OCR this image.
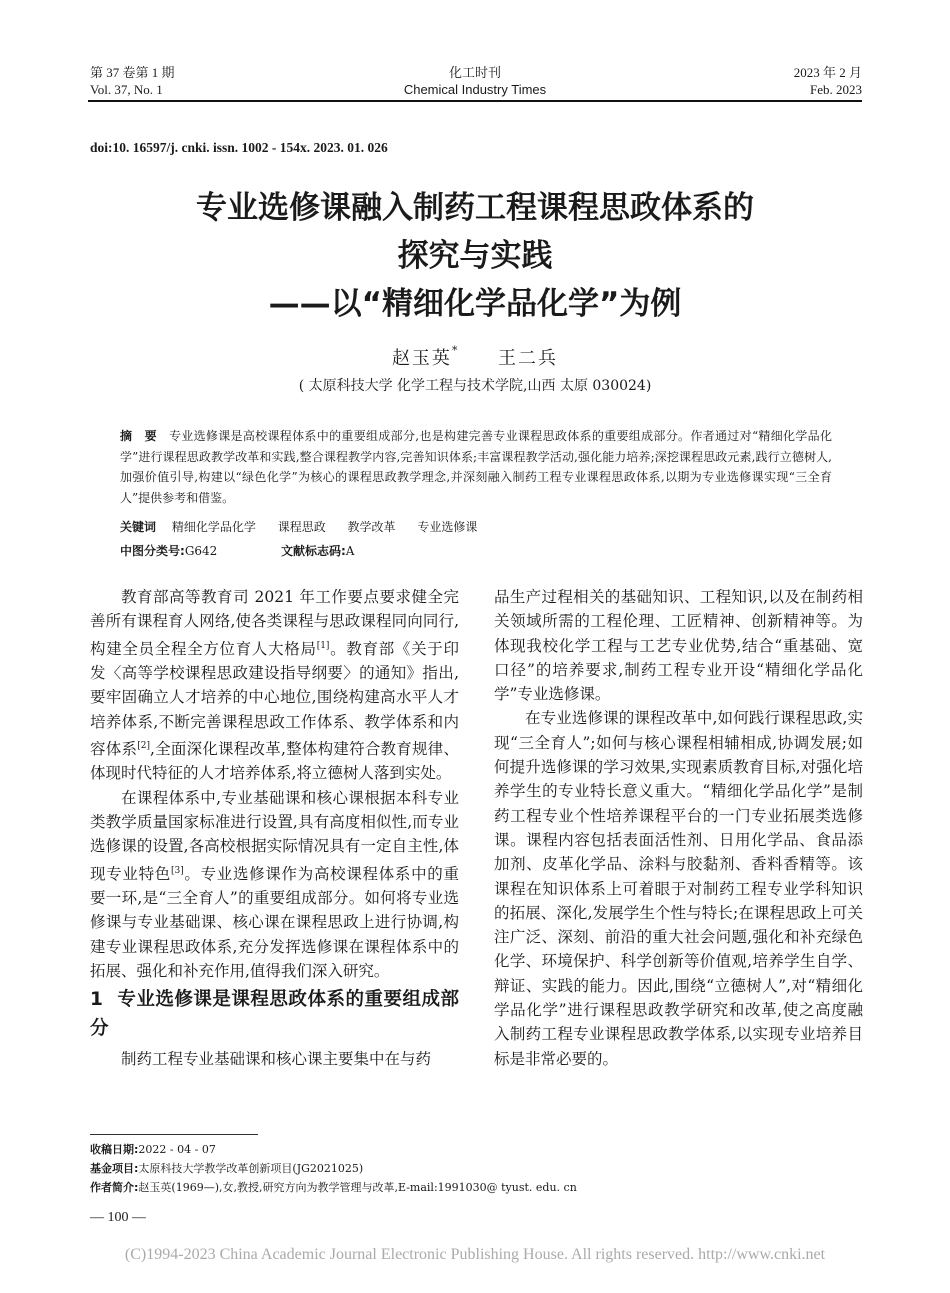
第 37 卷第 1 期
Vol. 37, No. 1
化工时刊
Chemical Industry Times
2023 年 2 月
Feb. 2023
doi:10. 16597/j. cnki. issn. 1002 - 154x. 2023. 01. 026
专业选修课融入制药工程课程思政体系的
探究与实践
——以“精细化学品化学”为例
赵玉英* 王二兵
( 太原科技大学 化学工程与技术学院,山西 太原 030024)
摘　要 专业选修课是高校课程体系中的重要组成部分,也是构建完善专业课程思政体系的重要组成部分。作者通过对“精细化学品化学”进行课程思政教学改革和实践,整合课程教学内容,完善知识体系;丰富课程教学活动,强化能力培养;深挖课程思政元素,践行立德树人,加强价值引导,构建以“绿色化学”为核心的课程思政教学理念,并深刻融入制药工程专业课程思政体系,以期为专业选修课实现“三全育人”提供参考和借鉴。
关键词 精细化学品化学 课程思政 教学改革 专业选修课
中图分类号:G642	文献标志码:A

教育部高等教育司 2021 年工作要点要求健全完善所有课程育人网络,使各类课程与思政课程同向同行,构建全员全程全方位育人大格局[1]。教育部《关于印发〈高等学校课程思政建设指导纲要〉的通知》指出,要牢固确立人才培养的中心地位,围绕构建高水平人才培养体系,不断完善课程思政工作体系、教学体系和内容体系[2],全面深化课程改革,整体构建符合教育规律、体现时代特征的人才培养体系,将立德树人落到实处。

在课程体系中,专业基础课和核心课根据本科专业类教学质量国家标准进行设置,具有高度相似性,而专业选修课的设置,各高校根据实际情况具有一定自主性,体现专业特色[3]。专业选修课作为高校课程体系中的重要一环,是“三全育人”的重要组成部分。如何将专业选修课与专业基础课、核心课在课程思政上进行协调,构建专业课程思政体系,充分发挥选修课在课程体系中的拓展、强化和补充作用,值得我们深入研究。

1 专业选修课是课程思政体系的重要组成部分

制药工程专业基础课和核心课主要集中在与药

品生产过程相关的基础知识、工程知识,以及在制药相关领域所需的工程伦理、工匠精神、创新精神等。为体现我校化学工程与工艺专业优势,结合“重基础、宽口径”的培养要求,制药工程专业开设“精细化学品化学”专业选修课。

在专业选修课的课程改革中,如何践行课程思政,实现“三全育人”;如何与核心课程相辅相成,协调发展;如何提升选修课的学习效果,实现素质教育目标,对强化培养学生的专业特长意义重大。“精细化学品化学”是制药工程专业个性培养课程平台的一门专业拓展类选修课。课程内容包括表面活性剂、日用化学品、食品添加剂、皮革化学品、涂料与胶黏剂、香料香精等。该课程在知识体系上可着眼于对制药工程专业学科知识的拓展、深化,发展学生个性与特长;在课程思政上可关注广泛、深刻、前沿的重大社会问题,强化和补充绿色化学、环境保护、科学创新等价值观,培养学生自学、辩证、实践的能力。因此,围绕“立德树人”,对“精细化学品化学”进行课程思政教学研究和改革,使之高度融入制药工程专业课程思政教学体系,以实现专业培养目标是非常必要的。

收稿日期:2022 - 04 - 07
基金项目:太原科技大学教学改革创新项目(JG2021025)
作者简介:赵玉英(1969—),女,教授,研究方向为教学管理与改革,E-mail:1991030@ tyust. edu. cn
— 100 —
(C)1994-2023 China Academic Journal Electronic Publishing House. All rights reserved. http://www.cnki.net
